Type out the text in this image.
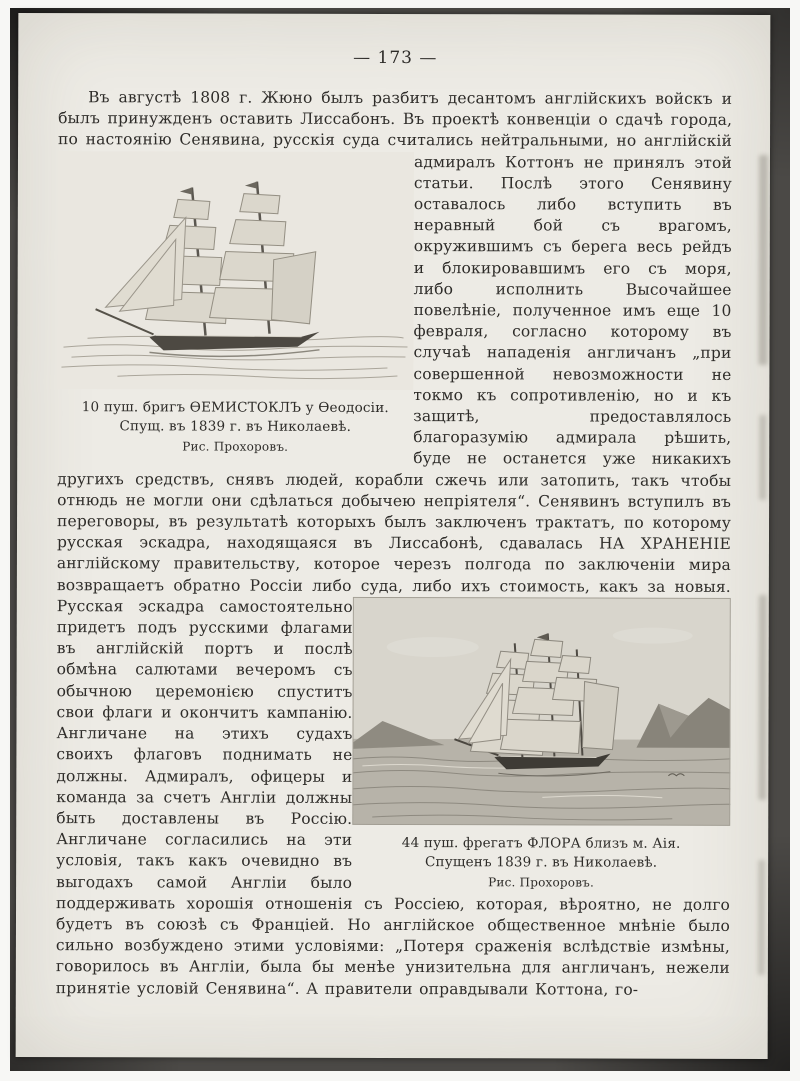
— 173 —
Въ августѣ 1808 г. Жюно былъ разбитъ десантомъ англійскихъ войскъ и былъ принужденъ оставить Лиссабонъ. Въ проектѣ конвенціи о сдачѣ города, по настоянію Сенявина, русскія суда считались нейтральными, но англійскій
10 пуш. бригъ ѲЕМИСТОКЛЪ у Ѳеодосіи.
Спущ. въ 1839 г. въ Николаевѣ.
Рис. Прохоровъ.
адмиралъ Коттонъ не принялъ этой статьи. Послѣ этого Сенявину оставалось либо вступить въ неравный бой съ врагомъ, окружившимъ съ берега весь рейдъ и блокировавшимъ его съ моря, либо исполнить Высочайшее повелѣніе, полученное имъ еще 10 февраля, согласно которому въ случаѣ нападенія англичанъ „при совершенной невозможности не токмо къ сопротивленію, но и къ защитѣ, предоставлялось благоразумію адмирала рѣшить, буде не останется уже никакихъ другихъ средствъ, снявъ людей, корабли сжечь или затопить, такъ чтобы отнюдь не могли они сдѣлаться добычею непріятеля“. Сенявинъ вступилъ въ переговоры, въ результатѣ которыхъ былъ заключенъ трактатъ, по которому русская эскадра, находящаяся въ Лиссабонѣ, сдавалась НА ХРАНЕНІЕ англійскому правительству, которое черезъ полгода по заключеніи мира возвращаетъ обратно Россіи либо суда, либо ихъ
44 пуш. фрегатъ ФЛОРА близъ м. Аія.
Спущенъ 1839 г. въ Николаевѣ.
Рис. Прохоровъ.
стоимость, какъ за новыя. Русская эскадра самостоятельно придетъ подъ русскими флагами въ англійскій портъ и послѣ обмѣна салютами вечеромъ съ обычною церемонією спуститъ свои флаги и окончитъ кампанію. Англичане на этихъ судахъ своихъ флаговъ поднимать не должны. Адмиралъ, офицеры и команда за счетъ Англіи должны быть доставлены въ Россію. Англичане согласились на эти условія, такъ какъ очевидно въ выгодахъ самой Англіи было поддерживать хорошія отношенія съ Россіею, которая, вѣроятно, не долго будетъ въ союзѣ съ Франціей. Но англійское общественное мнѣніе было сильно возбуждено этими условіями: „Потеря сраженія вслѣдствіе измѣны, говорилось въ Англіи, была бы менѣе унизительна для англичанъ, нежели принятіе условій Сенявина“. А правители оправдывали Коттона, го-
